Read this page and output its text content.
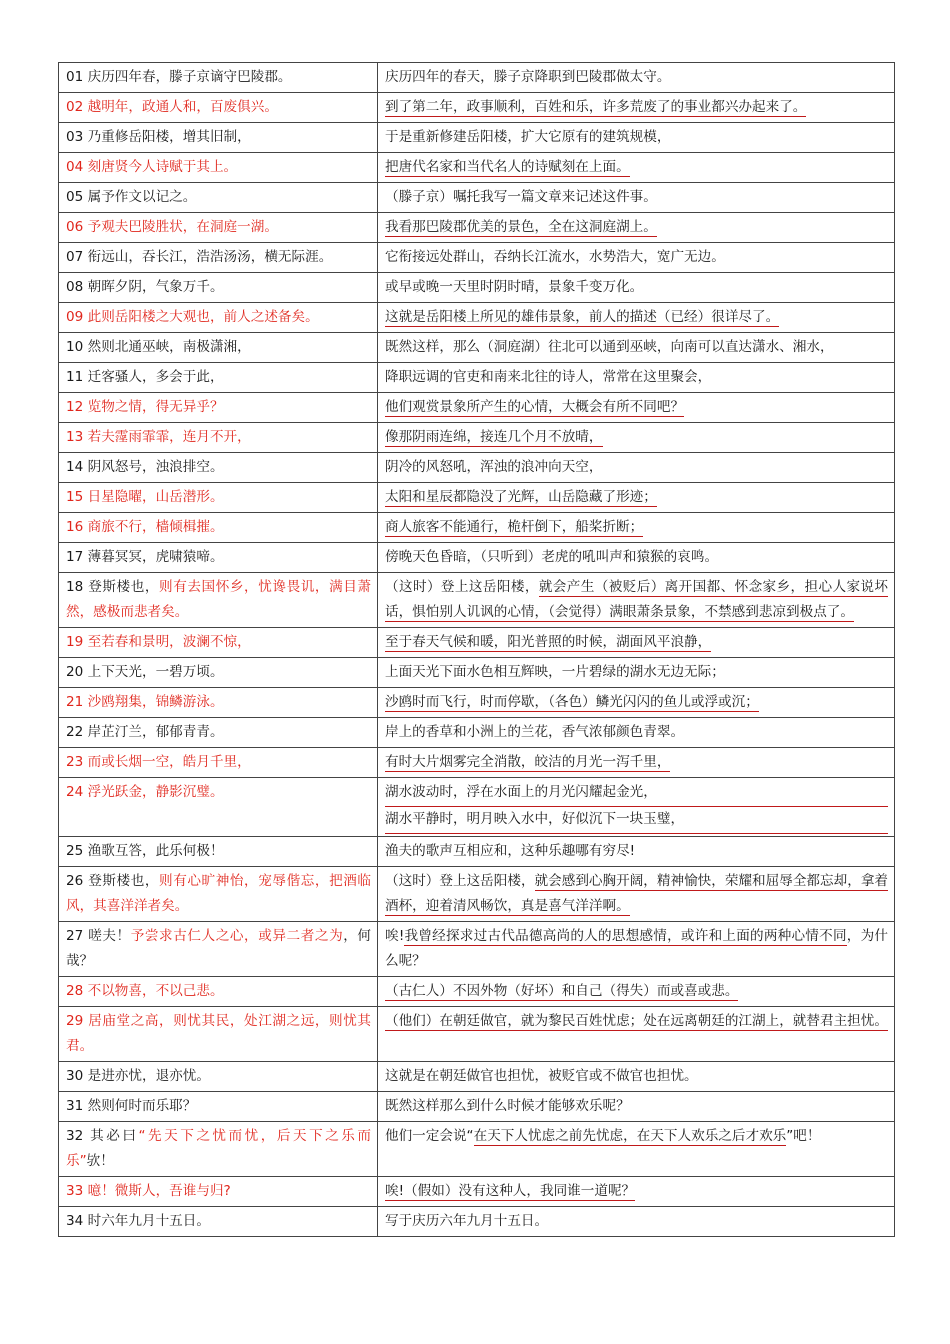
01 庆历四年春，滕子京谪守巴陵郡。	庆历四年的春天，滕子京降职到巴陵郡做太守。
02 越明年，政通人和，百废俱兴。	到了第二年，政事顺利，百姓和乐，许多荒废了的事业都兴办起来了。
03 乃重修岳阳楼，增其旧制，	于是重新修建岳阳楼，扩大它原有的建筑规模，
04 刻唐贤今人诗赋于其上。	把唐代名家和当代名人的诗赋刻在上面。
05 属予作文以记之。	（滕子京）嘱托我写一篇文章来记述这件事。
06 予观夫巴陵胜状，在洞庭一湖。	我看那巴陵郡优美的景色，全在这洞庭湖上。
07 衔远山，吞长江，浩浩汤汤，横无际涯。	它衔接远处群山，吞纳长江流水，水势浩大，宽广无边。
08 朝晖夕阴，气象万千。	或早或晚一天里时阴时晴，景象千变万化。
09 此则岳阳楼之大观也，前人之述备矣。	这就是岳阳楼上所见的雄伟景象，前人的描述（已经）很详尽了。
10 然则北通巫峡，南极潇湘，	既然这样，那么（洞庭湖）往北可以通到巫峡，向南可以直达潇水、湘水，
11 迁客骚人，多会于此，	降职远调的官吏和南来北往的诗人，常常在这里聚会，
12 览物之情，得无异乎？	他们观赏景象所产生的心情，大概会有所不同吧？
13 若夫霪雨霏霏，连月不开，	像那阴雨连绵，接连几个月不放晴，
14 阴风怒号，浊浪排空。	阴冷的风怒吼，浑浊的浪冲向天空，
15 日星隐曜，山岳潜形。	太阳和星辰都隐没了光辉，山岳隐藏了形迹；
16 商旅不行，樯倾楫摧。	商人旅客不能通行，桅杆倒下，船桨折断；
17 薄暮冥冥，虎啸猿啼。	傍晚天色昏暗，（只听到）老虎的吼叫声和猿猴的哀鸣。
18 登斯楼也，则有去国怀乡，忧谗畏讥，满目萧然，感极而悲者矣。	（这时）登上这岳阳楼，就会产生（被贬后）离开国都、怀念家乡，担心人家说坏话，惧怕别人讥讽的心情，（会觉得）满眼萧条景象，不禁感到悲凉到极点了。
19 至若春和景明，波澜不惊，	至于春天气候和暖，阳光普照的时候，湖面风平浪静，
20 上下天光，一碧万顷。	上面天光下面水色相互辉映，一片碧绿的湖水无边无际；
21 沙鸥翔集，锦鳞游泳。	沙鸥时而飞行，时而停歇，（各色）鳞光闪闪的鱼儿或浮或沉；
22 岸芷汀兰，郁郁青青。	岸上的香草和小洲上的兰花，香气浓郁颜色青翠。
23 而或长烟一空，皓月千里，	有时大片烟雾完全消散，皎洁的月光一泻千里，
24 浮光跃金，静影沉璧。	湖水波动时，浮在水面上的月光闪耀起金光，
湖水平静时，明月映入水中，好似沉下一块玉璧，

25 渔歌互答，此乐何极！	渔夫的歌声互相应和，这种乐趣哪有穷尽!
26 登斯楼也，则有心旷神怡，宠辱偕忘，把酒临风，其喜洋洋者矣。	（这时）登上这岳阳楼，就会感到心胸开阔，精神愉快，荣耀和屈辱全都忘却，拿着酒杯，迎着清风畅饮，真是喜气洋洋啊。
27 嗟夫！予尝求古仁人之心，或异二者之为，何哉？	唉!我曾经探求过古代品德高尚的人的思想感情，或许和上面的两种心情不同，为什么呢？
28 不以物喜，不以己悲。	（古仁人）不因外物（好坏）和自己（得失）而或喜或悲。
29 居庙堂之高，则忧其民，处江湖之远，则忧其君。	（他们）在朝廷做官，就为黎民百姓忧虑；处在远离朝廷的江湖上，就替君主担忧。
30 是进亦忧，退亦忧。	这就是在朝廷做官也担忧，被贬官或不做官也担忧。
31 然则何时而乐耶？	既然这样那么到什么时候才能够欢乐呢？
32 其必曰“先天下之忧而忧，后天下之乐而乐”欤！	他们一定会说“在天下人忧虑之前先忧虑，在天下人欢乐之后才欢乐”吧！
33 噫！微斯人，吾谁与归?	唉!（假如）没有这种人，我同谁一道呢？
34 时六年九月十五日。	写于庆历六年九月十五日。
